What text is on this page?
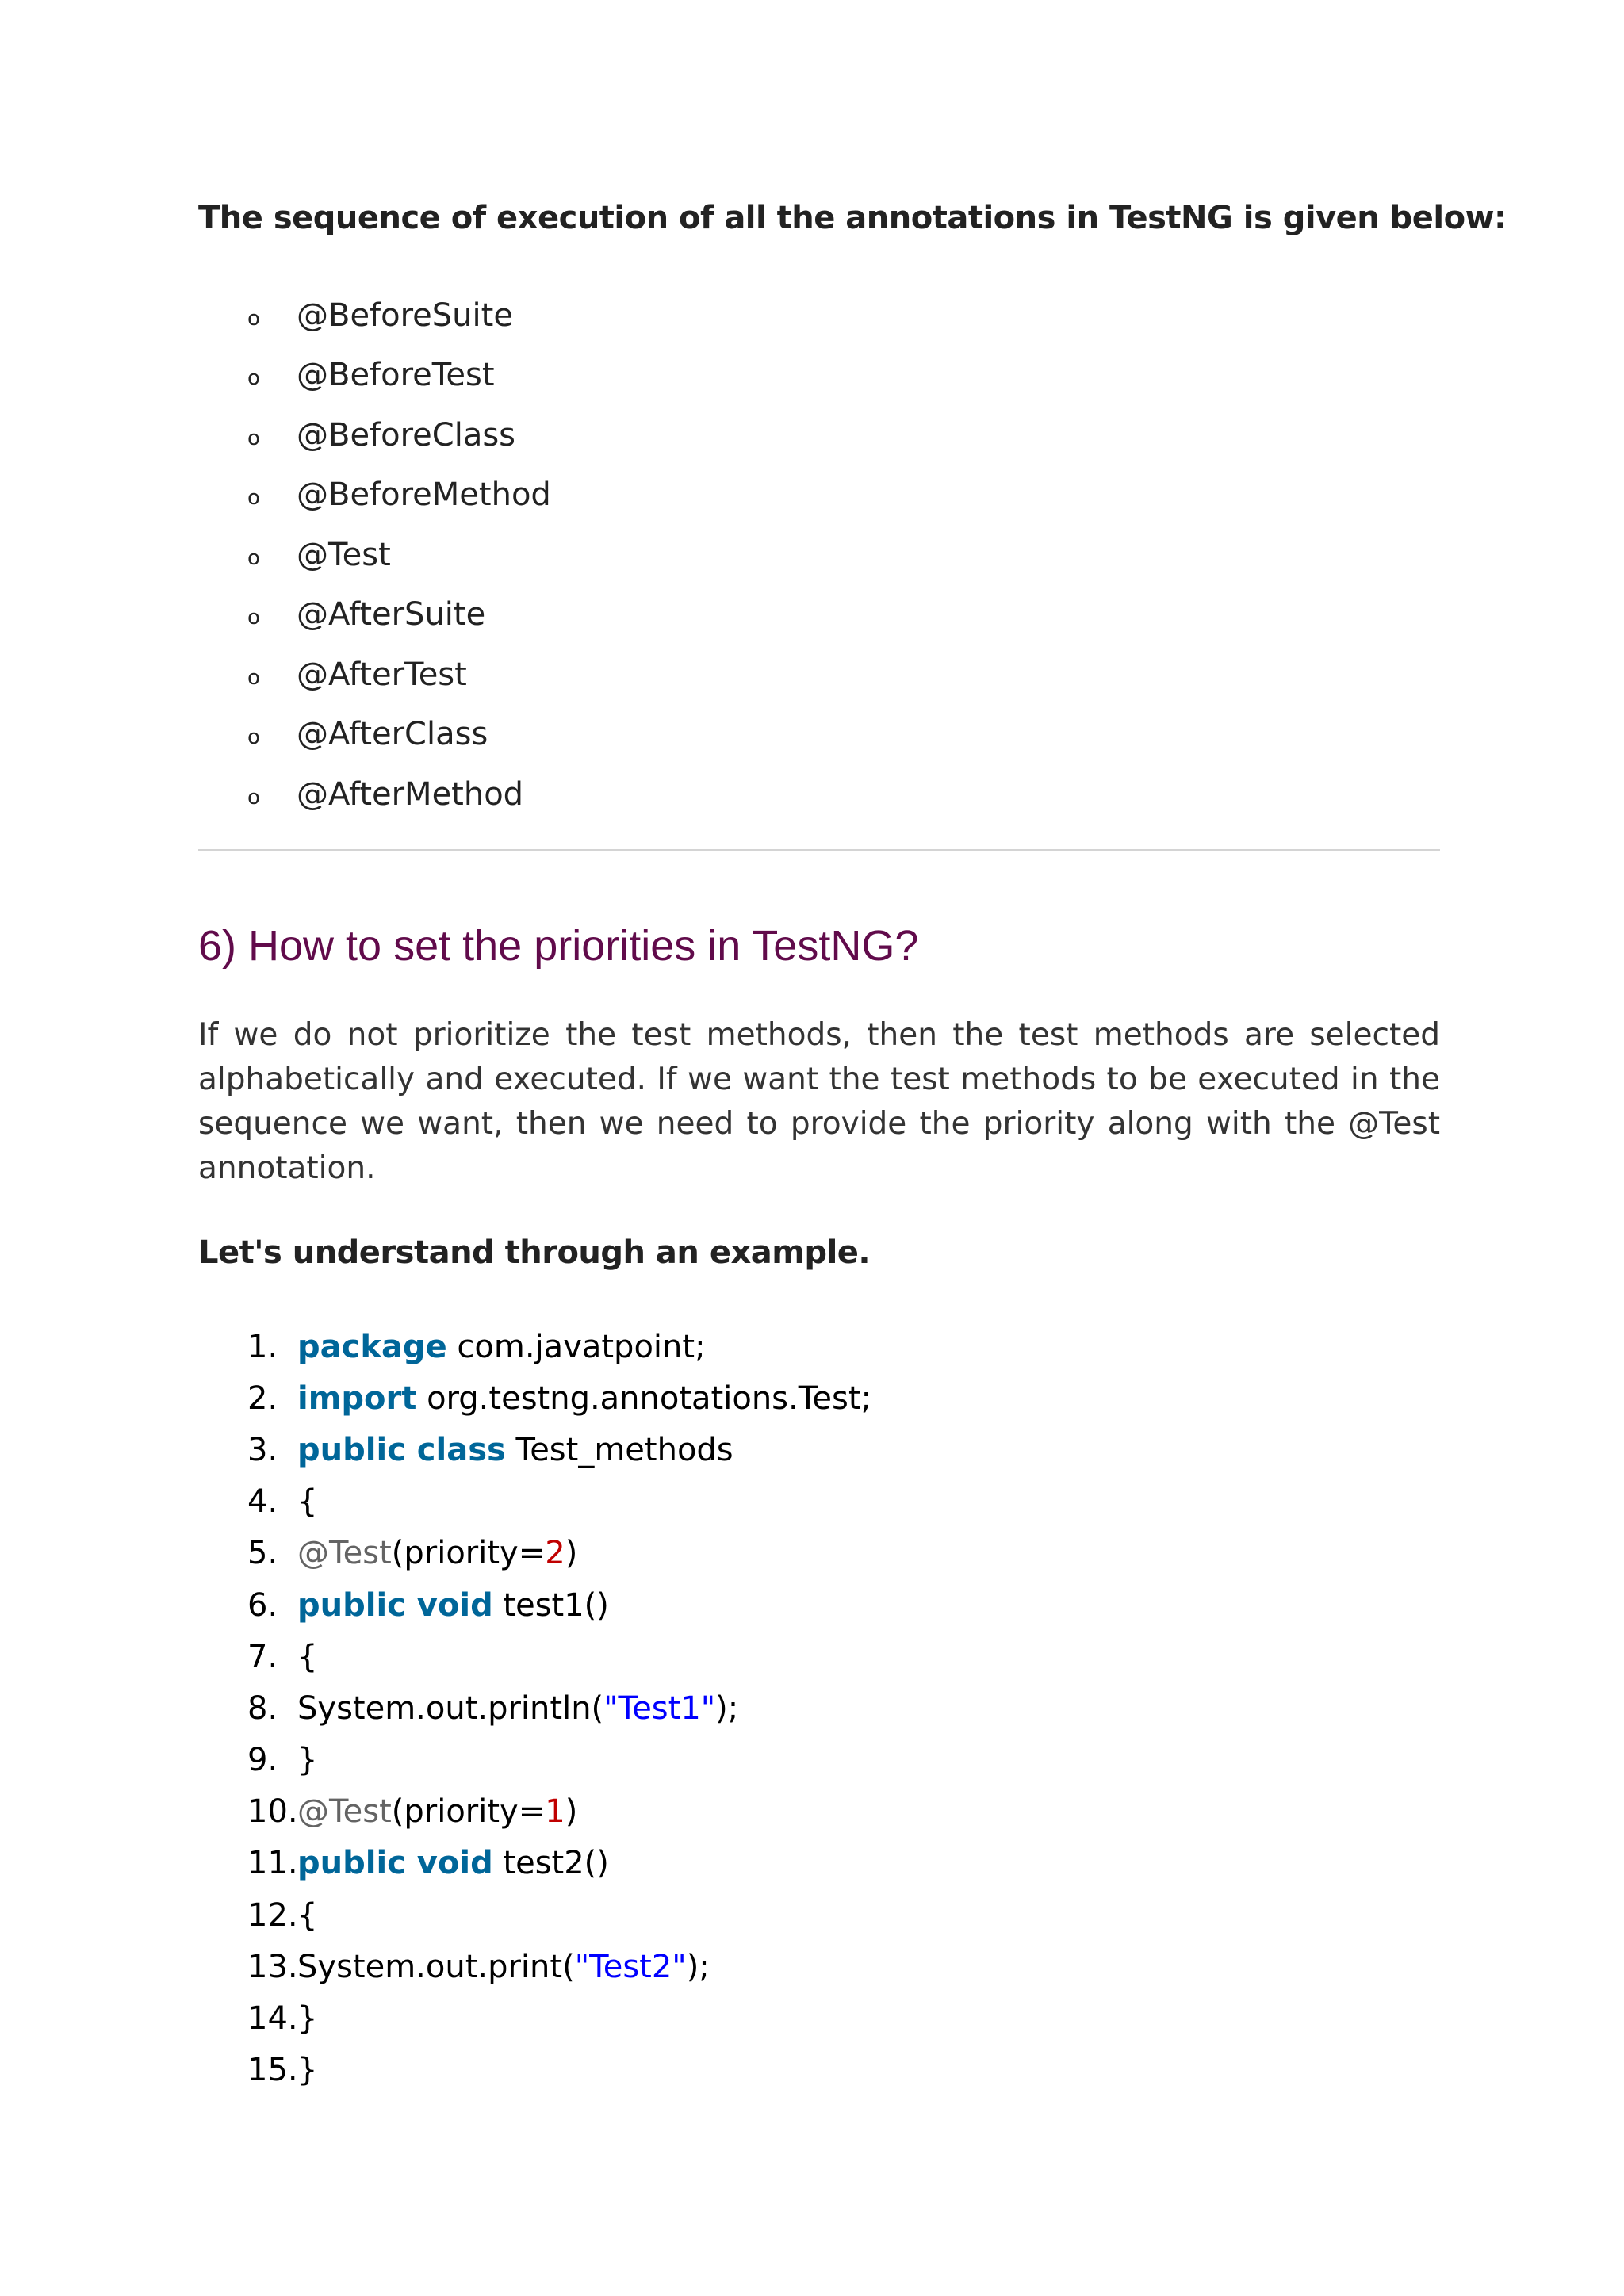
The sequence of execution of all the annotations in TestNG is given below:
o	@BeforeSuite
o	@BeforeTest
o	@BeforeClass
o	@BeforeMethod
o	@Test
o	@AfterSuite
o	@AfterTest
o	@AfterClass
o	@AfterMethod
6) How to set the priorities in TestNG?

If we do not prioritize the test methods, then the test methods are selected alphabetically and executed. If we want the test methods to be executed in the sequence we want, then we need to provide the priority along with the @Test annotation.

Let's understand through an example.
1. package com.javatpoint;
2. import org.testng.annotations.Test;
3. public class Test_methods
4. {
5. @Test (priority= 2 )
6. public void test1()
7. {
8. System.out.println( "Test1" );
9. }
10. @Test (priority= 1 )
11. public void test2()
12. {
13. System.out.print( "Test2" );
14. }
15. }
